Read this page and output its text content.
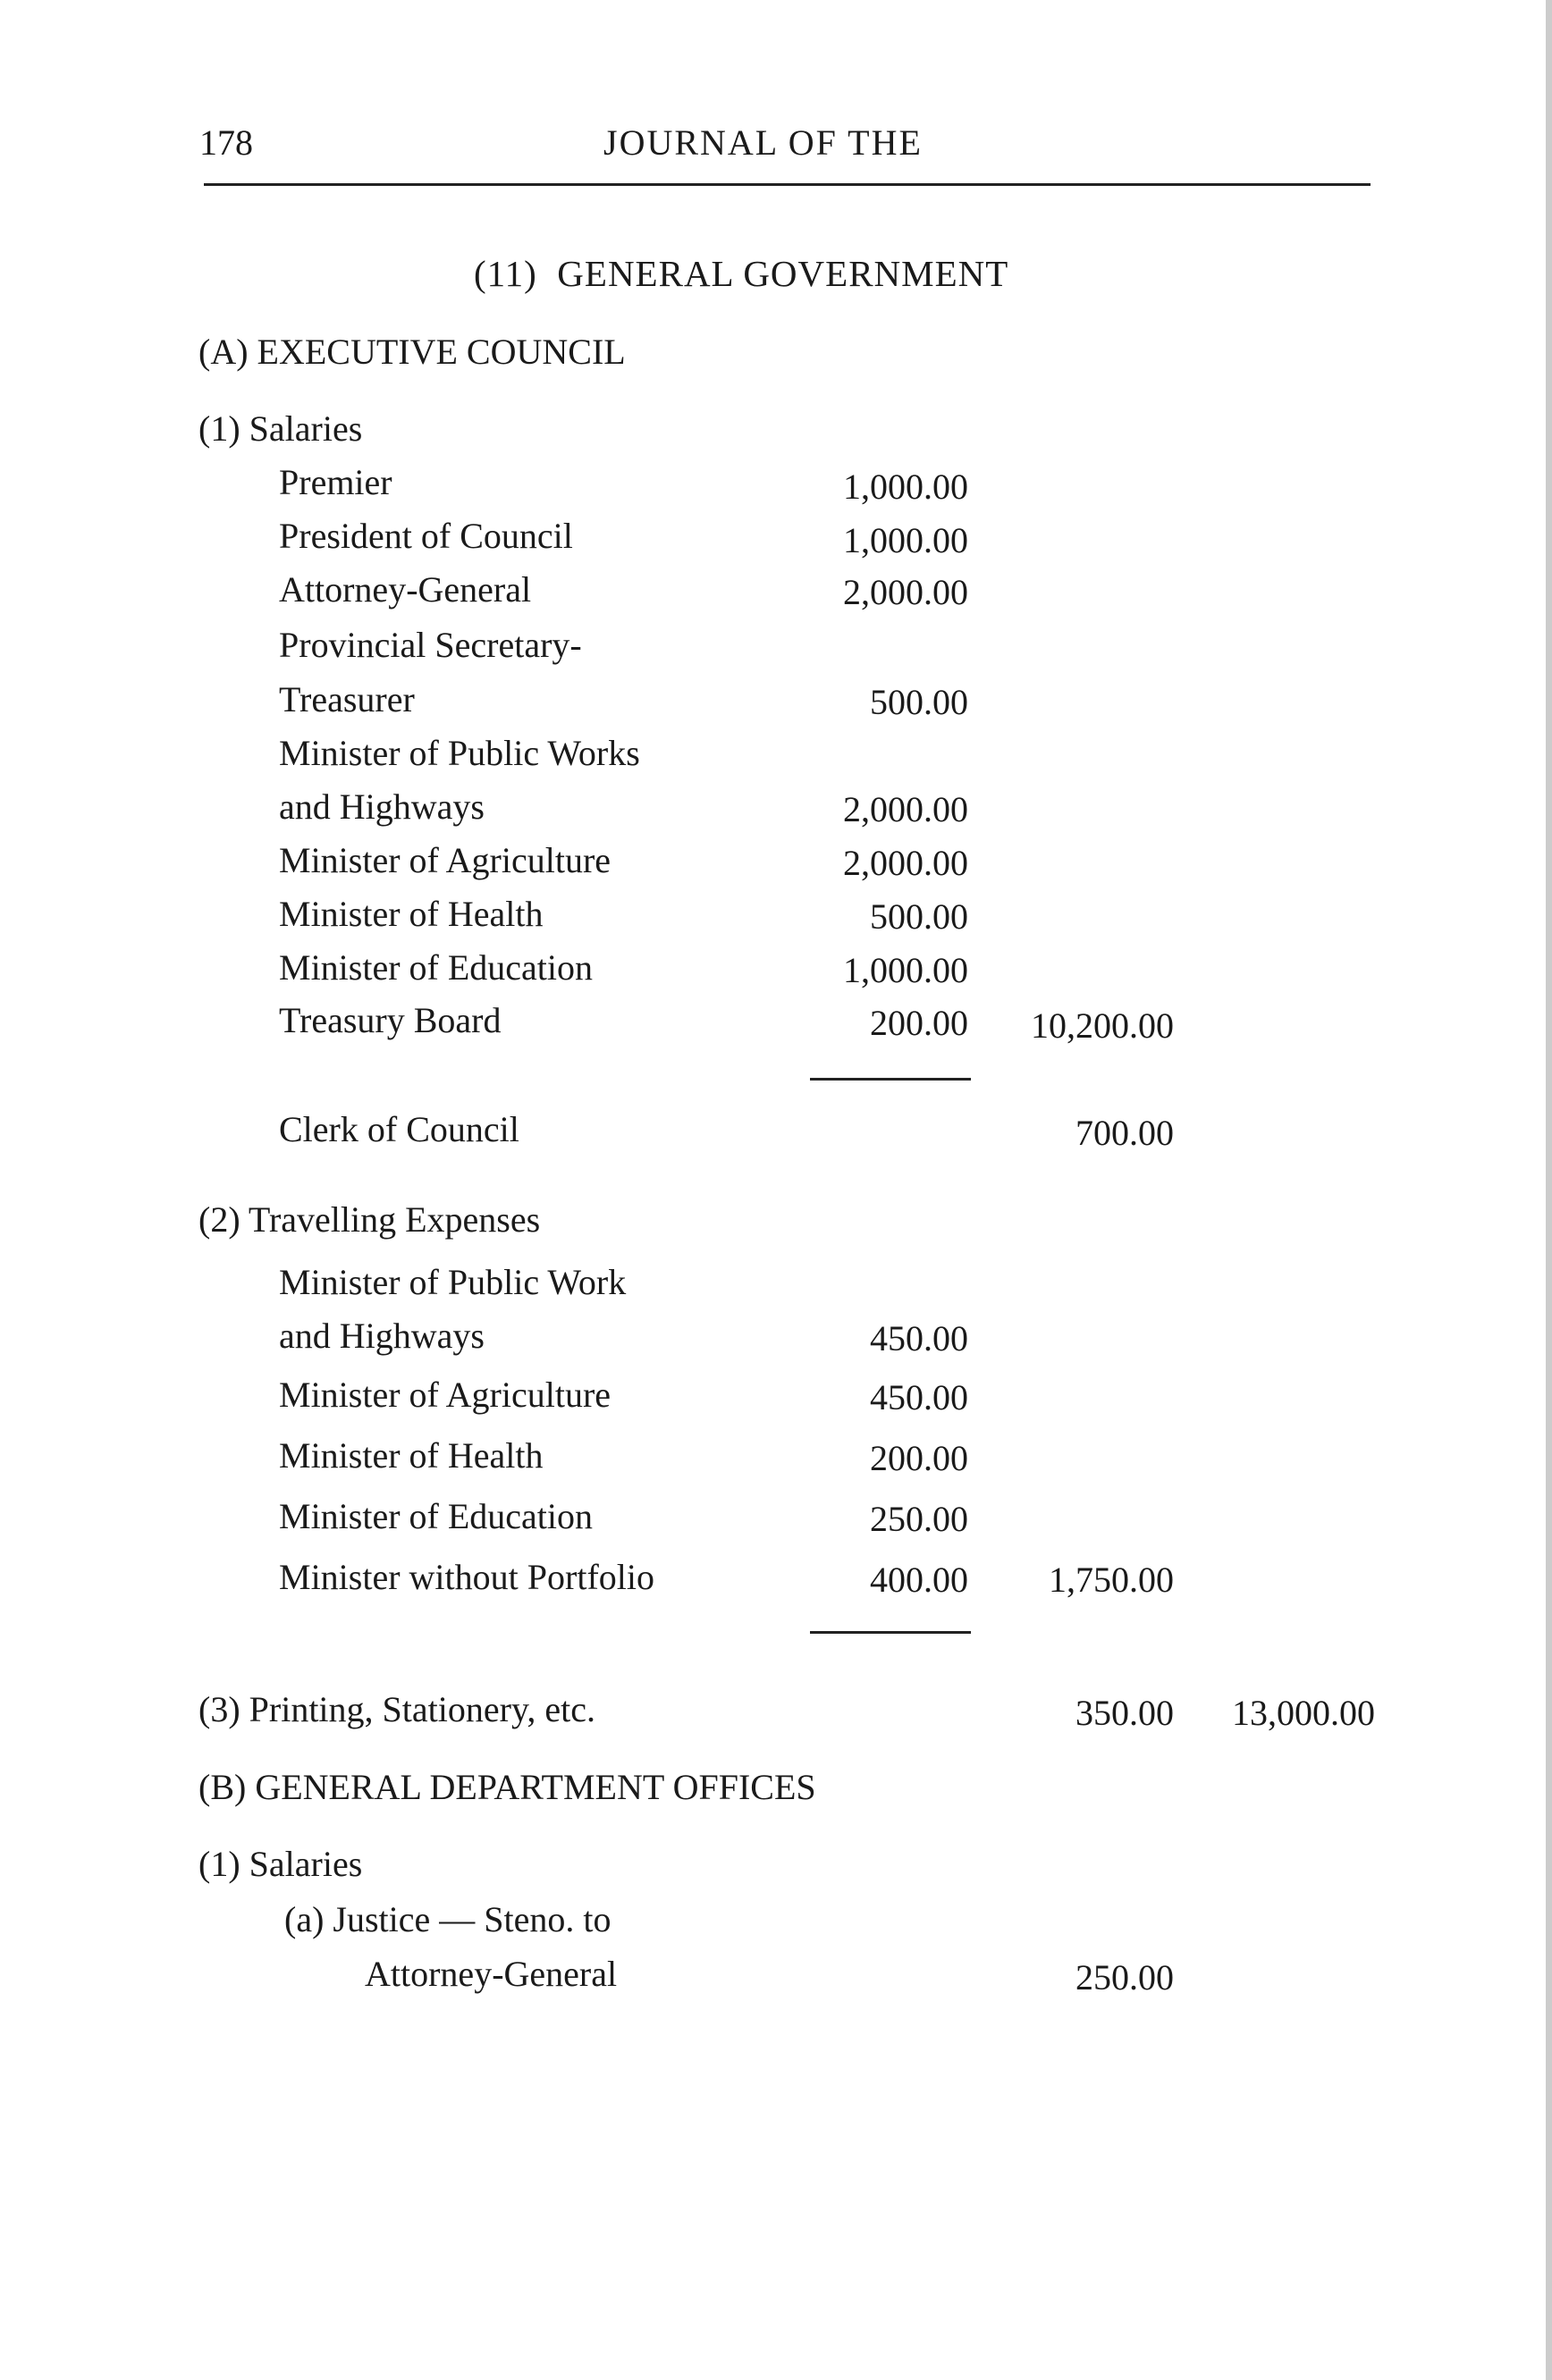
178	JOURNAL OF THE
(11)  GENERAL GOVERNMENT
(A) EXECUTIVE COUNCIL
(1) Salaries
Premier	1,000.00
President of Council	1,000.00
Attorney-General	2,000.00
Provincial Secretary-
Treasurer	500.00
Minister of Public Works
and Highways	2,000.00
Minister of Agriculture	2,000.00
Minister of Health	500.00
Minister of Education	1,000.00
Treasury Board	200.00 10,200.00
Clerk of Council	700.00
(2) Travelling Expenses
Minister of Public Work
and Highways	450.00
Minister of Agriculture	450.00
Minister of Health	200.00
Minister of Education	250.00
Minister without Portfolio	400.00 1,750.00
(3) Printing, Stationery, etc.	350.00 13,000.00
(B) GENERAL DEPARTMENT OFFICES
(1) Salaries
(a) Justice — Steno. to
Attorney-General	250.00
